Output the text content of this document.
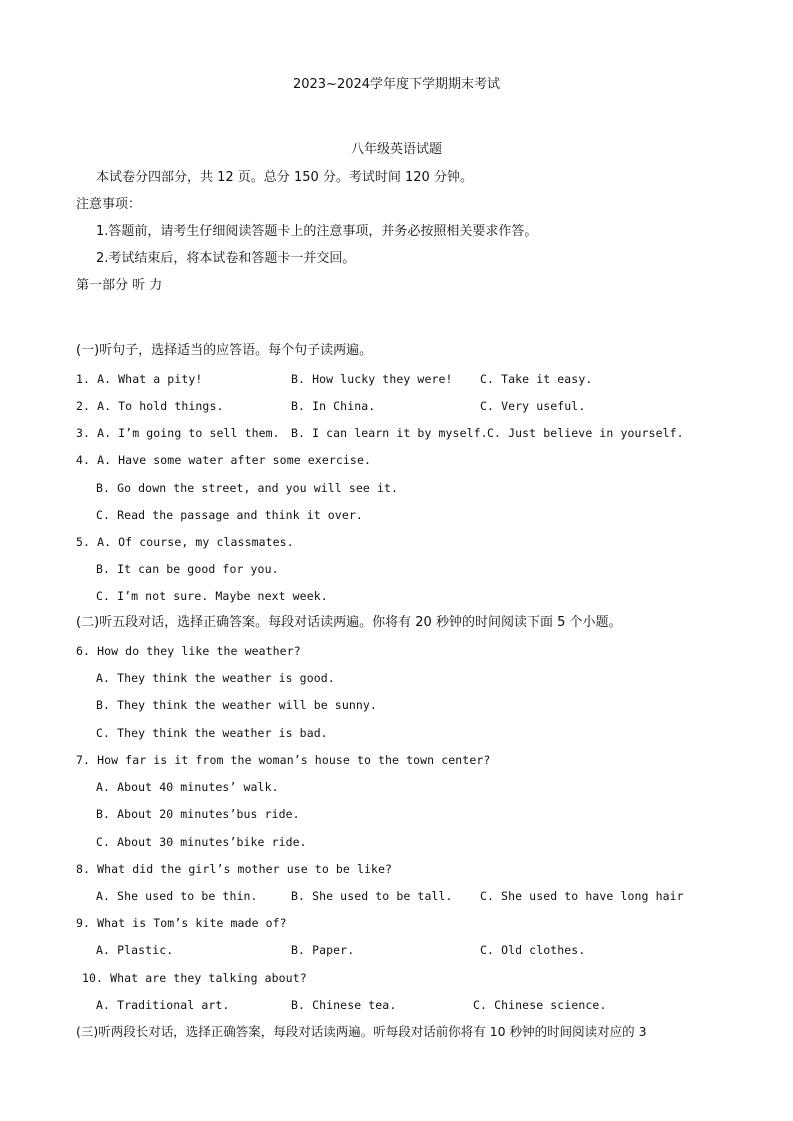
2023~2024学年度下学期期末考试
八年级英语试题
本试卷分四部分，共 12 页。总分 150 分。考试时间 120 分钟。
注意事项：
1.答题前，请考生仔细阅读答题卡上的注意事项，并务必按照相关要求作答。
2.考试结束后，将本试卷和答题卡一并交回。
第一部分 听 力
(一)听句子，选择适当的应答语。每个句子读两遍。
1. A. What a pity!	B. How lucky they were! C. Take it easy.
2. A. To hold things.	B. In China.	C. Very useful.
3. A. I’m going to sell them. B. I can learn it by myself. C. Just believe in yourself.
4. A. Have some water after some exercise.
B. Go down the street, and you will see it.
C. Read the passage and think it over.
5. A. Of course, my classmates.
B. It can be good for you.
C. I’m not sure. Maybe next week.
(二)听五段对话，选择正确答案。每段对话读两遍。你将有 20 秒钟的时间阅读下面 5 个小题。
6. How do they like the weather?
A. They think the weather is good.
B. They think the weather will be sunny.
C. They think the weather is bad.
7. How far is it from the woman’s house to the town center?
A. About 40 minutes’ walk.
B. About 20 minutes’bus ride.
C. About 30 minutes’bike ride.
8. What did the girl’s mother use to be like?
A. She used to be thin.	B. She used to be tall. C. She used to have long hair
9. What is Tom’s kite made of?
A. Plastic.	B. Paper.	C. Old clothes.
10. What are they talking about?
A. Traditional art.	B. Chinese tea.	C. Chinese science.
(三)听两段长对话，选择正确答案，每段对话读两遍。听每段对话前你将有 10 秒钟的时间阅读对应的 3
